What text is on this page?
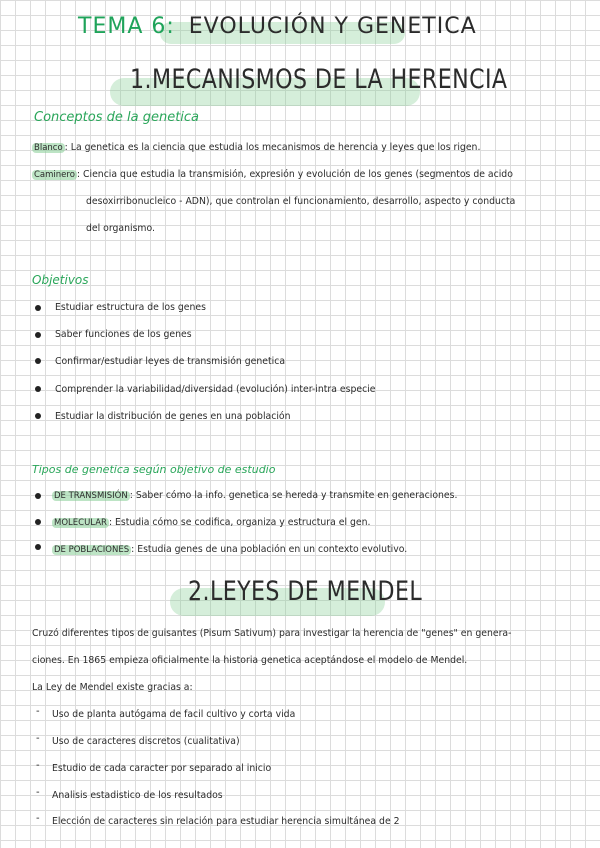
TEMA 6: EVOLUCIÓN Y GENETICA
1.MECANISMOS DE LA HERENCIA
Conceptos de la genetica
Blanco : La genetica es la ciencia que estudia los mecanismos de herencia y leyes que los rigen.
Caminero : Ciencia que estudia la transmisión, expresión y evolución de los genes (segmentos de acido
desoxirribonucleico - ADN), que controlan el funcionamiento, desarrollo, aspecto y conducta
del organismo.
Objetivos
Estudiar estructura de los genes
Saber funciones de los genes
Confirmar/estudiar leyes de transmisión genetica
Comprender la variabilidad/diversidad (evolución) inter-intra especie
Estudiar la distribución de genes en una población
Tipos de genetica según objetivo de estudio
DE TRANSMISIÓN : Saber cómo la info. genetica se hereda y transmite en generaciones.
MOLECULAR : Estudia cómo se codifica, organiza y estructura el gen.
DE POBLACIONES : Estudia genes de una población en un contexto evolutivo.
2.LEYES DE MENDEL
Cruzó diferentes tipos de guisantes (Pisum Sativum) para investigar la herencia de "genes" en genera-
ciones. En 1865 empieza oficialmente la historia genetica aceptándose el modelo de Mendel.
La Ley de Mendel existe gracias a:
- Uso de planta autógama de facil cultivo y corta vida
- Uso de caracteres discretos (cualitativa)
- Estudio de cada caracter por separado al inicio
- Analisis estadistico de los resultados
- Elección de caracteres sin relación para estudiar herencia simultánea de 2
